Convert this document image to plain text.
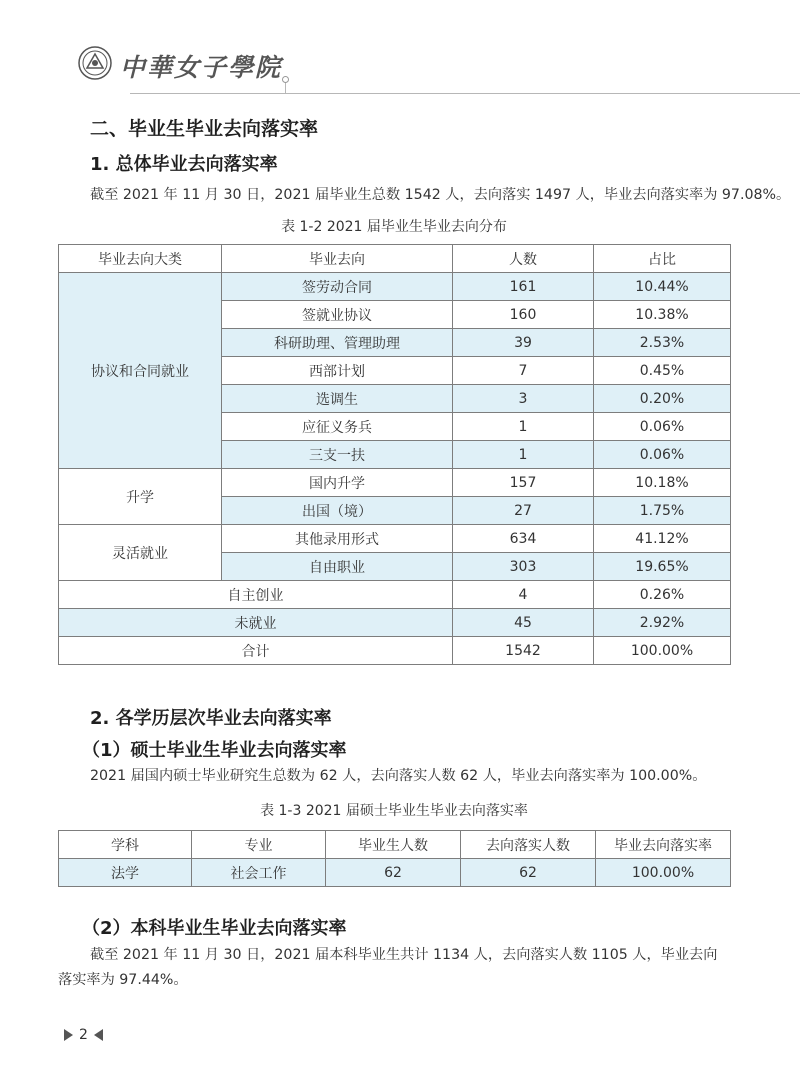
中華女子學院
二、毕业生毕业去向落实率
1. 总体毕业去向落实率
截至 2021 年 11 月 30 日，2021 届毕业生总数 1542 人，去向落实 1497 人，毕业去向落实率为 97.08%。
表 1-2 2021 届毕业生毕业去向分布
毕业去向大类	毕业去向	人数	占比
协议和合同就业	签劳动合同	161	10.44%
	签就业协议	160	10.38%
	科研助理、管理助理	39	2.53%
	西部计划	7	0.45%
	选调生	3	0.20%
	应征义务兵	1	0.06%
	三支一扶	1	0.06%
升学	国内升学	157	10.18%
	出国（境）	27	1.75%
灵活就业	其他录用形式	634	41.12%
	自由职业	303	19.65%
自主创业		4	0.26%
未就业		45	2.92%
合计		1542	100.00%
2. 各学历层次毕业去向落实率
（1）硕士毕业生毕业去向落实率
2021 届国内硕士毕业研究生总数为 62 人，去向落实人数 62 人，毕业去向落实率为 100.00%。
表 1-3 2021 届硕士毕业生毕业去向落实率
学科	专业	毕业生人数	去向落实人数	毕业去向落实率
法学	社会工作	62	62	100.00%
（2）本科毕业生毕业去向落实率
截至 2021 年 11 月 30 日，2021 届本科毕业生共计 1134 人，去向落实人数 1105 人，毕业去向
落实率为 97.44%。
2
